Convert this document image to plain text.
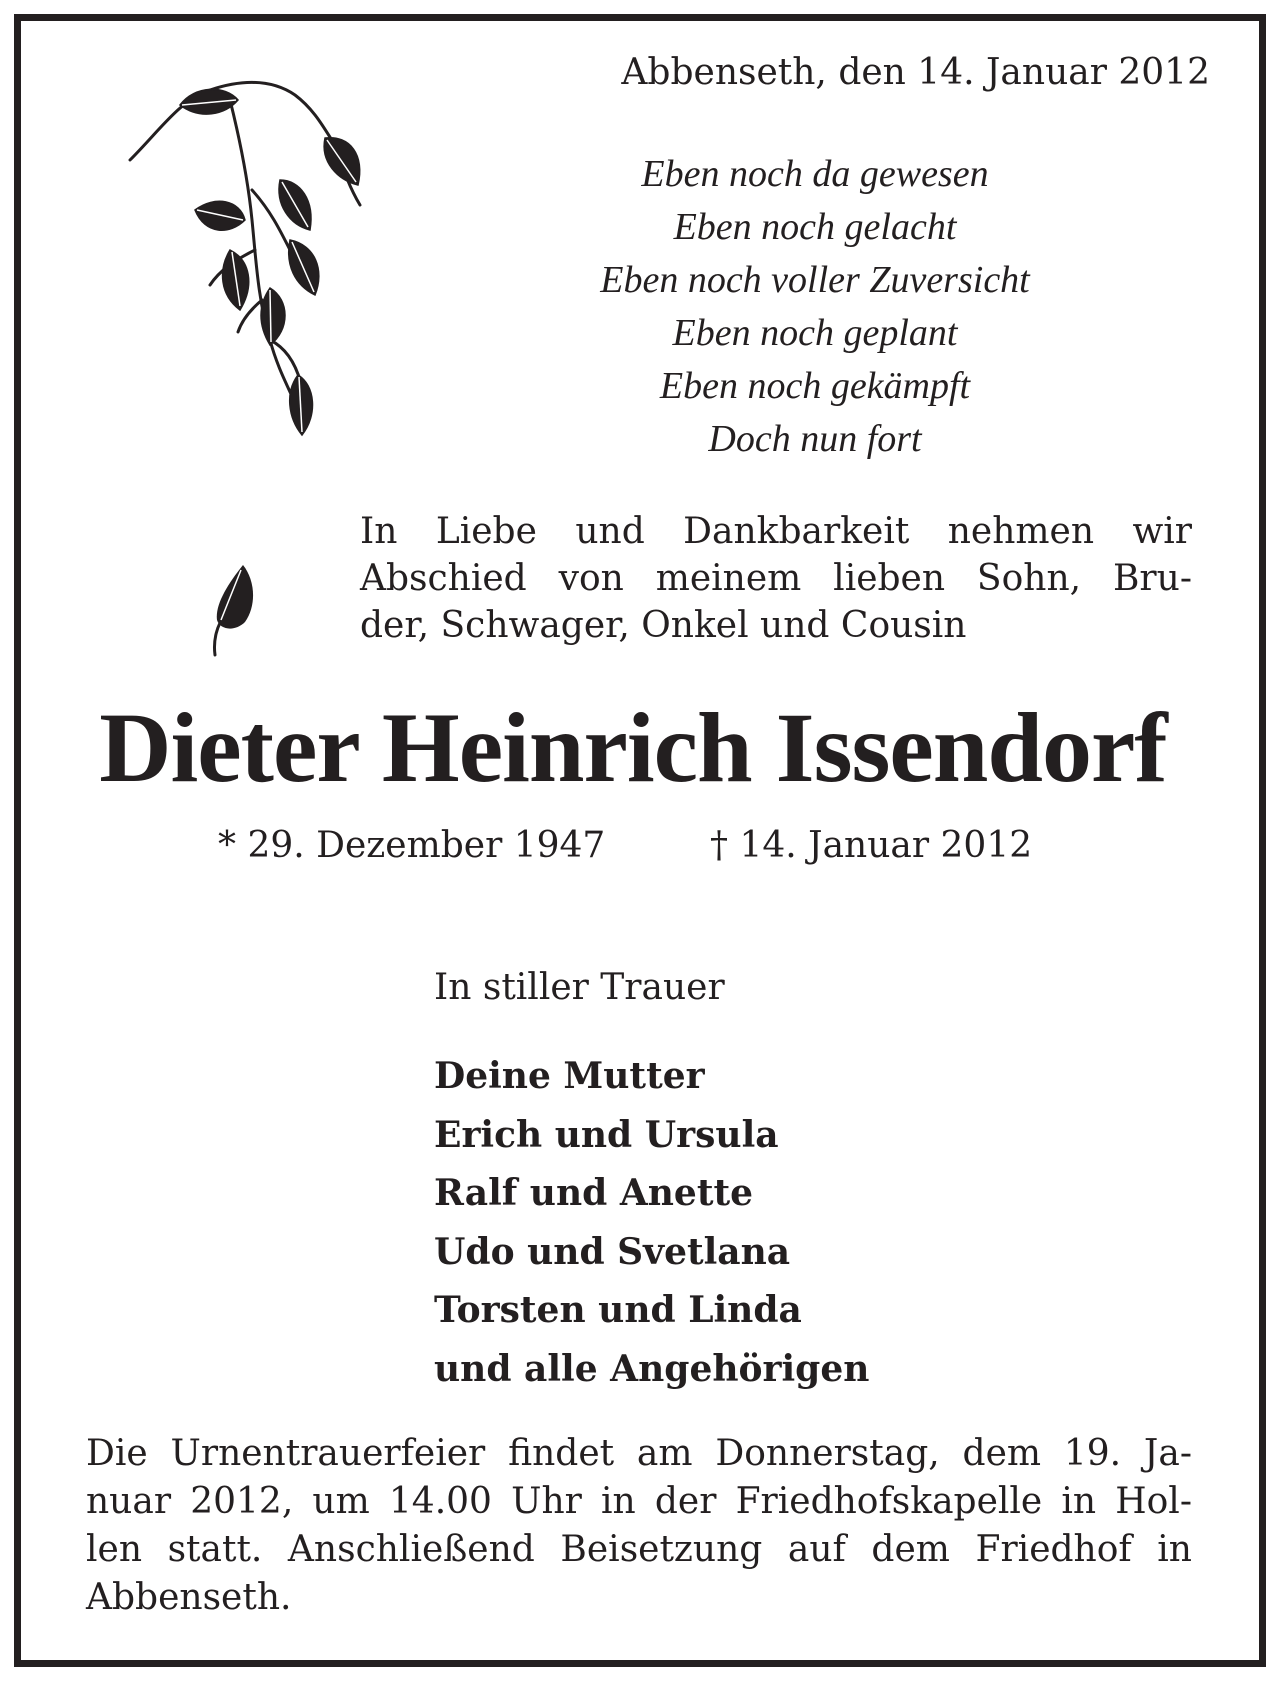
Abbenseth, den 14. Januar 2012
Eben noch da gewesen
Eben noch gelacht
Eben noch voller Zuversicht
Eben noch geplant
Eben noch gekämpft
Doch nun fort
In Liebe und Dankbarkeit nehmen wir
Abschied von meinem lieben Sohn, Bru-
der, Schwager, Onkel und Cousin
Dieter Heinrich Issendorf
* 29. Dezember 1947	† 14. Januar 2012
In stiller Trauer
Deine Mutter
Erich und Ursula
Ralf und Anette
Udo und Svetlana
Torsten und Linda
und alle Angehörigen
Die Urnentrauerfeier findet am Donnerstag, dem 19. Ja-
nuar 2012, um 14.00 Uhr in der Friedhofskapelle in Hol-
len statt. Anschließend Beisetzung auf dem Friedhof in
Abbenseth.
